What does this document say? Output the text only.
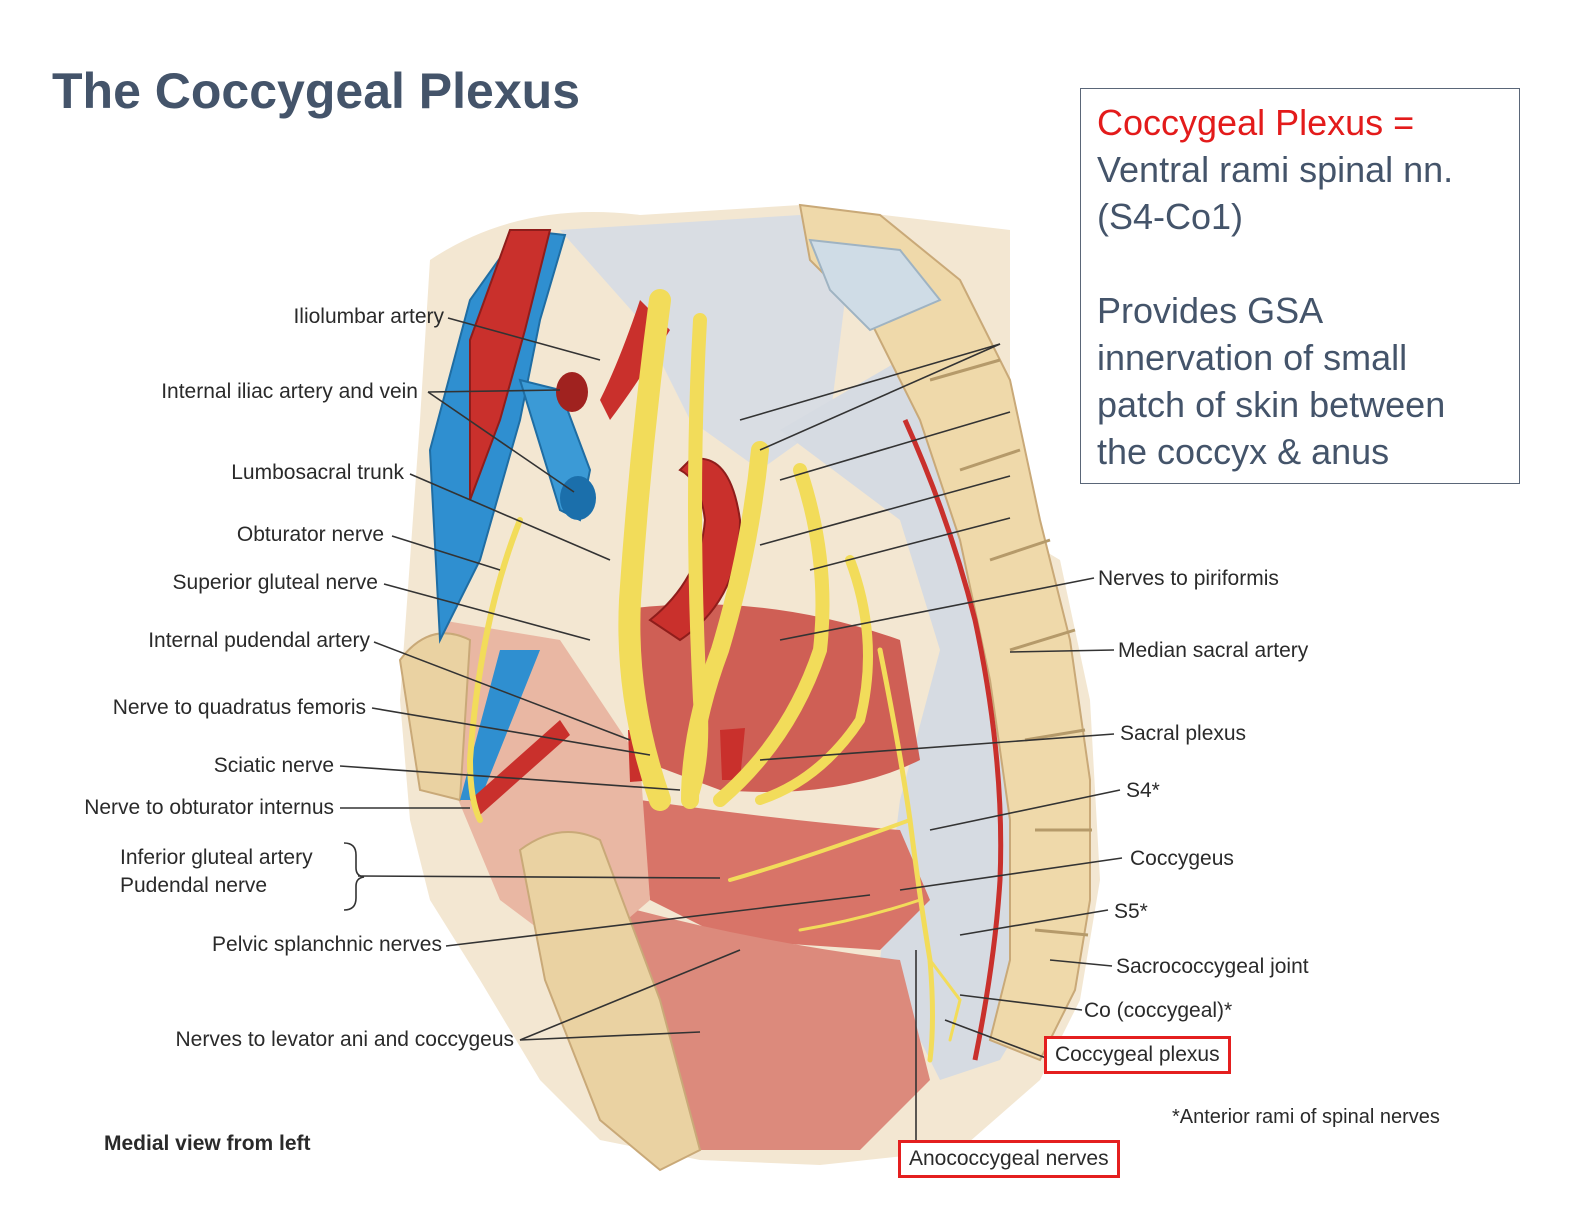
The Coccygeal Plexus

Coccygeal Plexus =

Ventral rami spinal nn.

(S4-Co1)

Provides GSA

innervation of small

patch of skin between

the coccyx & anus

Iliolumbar artery
Internal iliac artery and vein
Lumbosacral trunk
Obturator nerve
Superior gluteal nerve
Internal pudendal artery
Nerve to quadratus femoris
Sciatic nerve
Nerve to obturator internus
Inferior gluteal artery
Pudendal nerve
Pelvic splanchnic nerves
Nerves to levator ani and coccygeus
Nerves to piriformis
Median sacral artery
Sacral plexus
S4*
Coccygeus
S5*
Sacrococcygeal joint
Co (coccygeal)*
Coccygeal plexus
Anococcygeal nerves
*Anterior rami of spinal nerves
Medial view from left
